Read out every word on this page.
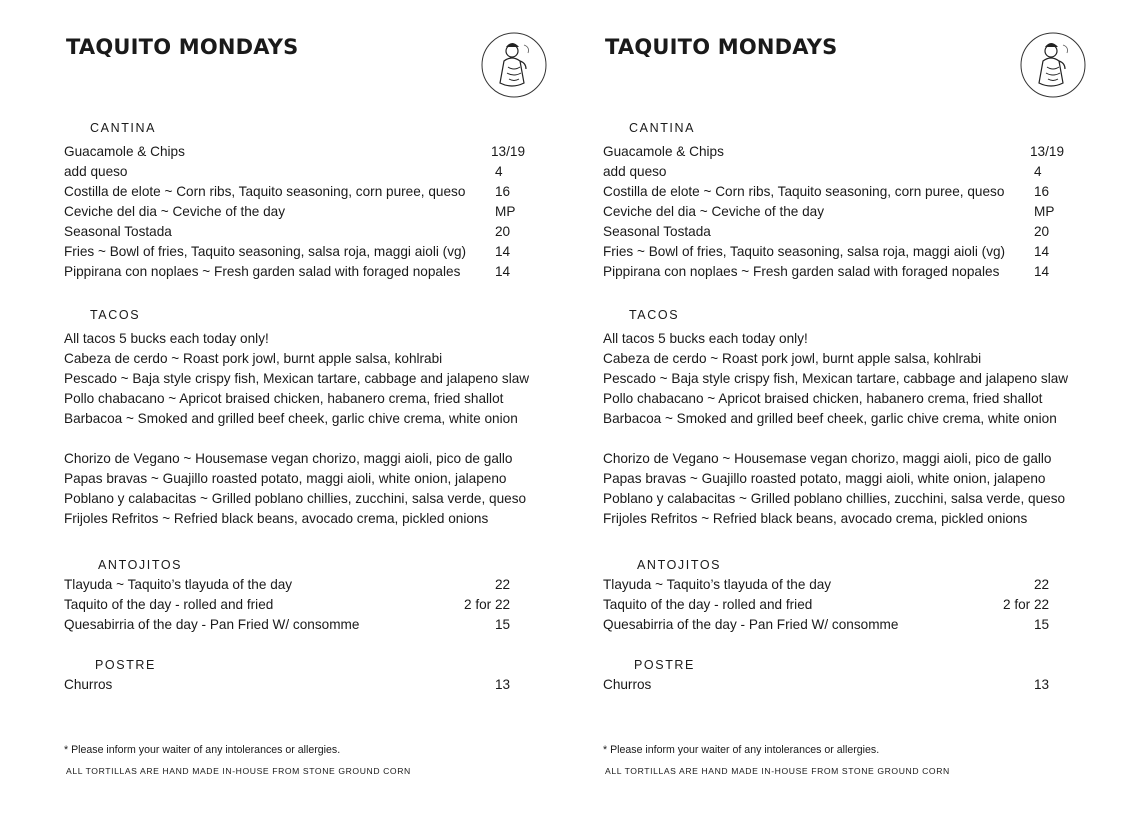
TAQUITO MONDAYS
CANTINA
Guacamole & Chips	13/19
add queso	4
Costilla de elote ~ Corn ribs, Taquito seasoning, corn puree, queso 16
Ceviche del dia ~ Ceviche of the day	MP
Seasonal Tostada	20
Fries ~ Bowl of fries, Taquito seasoning, salsa roja, maggi aioli (vg) 14
Pippirana con noplaes ~ Fresh garden salad with foraged nopales	14
TACOS
All tacos 5 bucks each today only!
Cabeza de cerdo ~ Roast pork jowl, burnt apple salsa, kohlrabi
Pescado ~ Baja style crispy fish, Mexican tartare, cabbage and jalapeno slaw
Pollo chabacano ~ Apricot braised chicken, habanero crema, fried shallot
Barbacoa ~ Smoked and grilled beef cheek, garlic chive crema, white onion
Chorizo de Vegano ~ Housemase vegan chorizo, maggi aioli, pico de gallo
Papas bravas ~ Guajillo roasted potato, maggi aioli, white onion, jalapeno
Poblano y calabacitas ~ Grilled poblano chillies, zucchini, salsa verde, queso
Frijoles Refritos ~ Refried black beans, avocado crema, pickled onions
ANTOJITOS
Tlayuda ~ Taquito’s tlayuda of the day	22
Taquito of the day - rolled and fried	2 for 22
Quesabirria of the day - Pan Fried W/ consomme	15
POSTRE
Churros	13
* Please inform your waiter of any intolerances or allergies.
ALL TORTILLAS ARE HAND MADE IN-HOUSE FROM STONE GROUND CORN
TAQUITO MONDAYS
CANTINA
Guacamole & Chips	13/19
add queso	4
Costilla de elote ~ Corn ribs, Taquito seasoning, corn puree, queso 16
Ceviche del dia ~ Ceviche of the day	MP
Seasonal Tostada	20
Fries ~ Bowl of fries, Taquito seasoning, salsa roja, maggi aioli (vg) 14
Pippirana con noplaes ~ Fresh garden salad with foraged nopales	14
TACOS
All tacos 5 bucks each today only!
Cabeza de cerdo ~ Roast pork jowl, burnt apple salsa, kohlrabi
Pescado ~ Baja style crispy fish, Mexican tartare, cabbage and jalapeno slaw
Pollo chabacano ~ Apricot braised chicken, habanero crema, fried shallot
Barbacoa ~ Smoked and grilled beef cheek, garlic chive crema, white onion
Chorizo de Vegano ~ Housemase vegan chorizo, maggi aioli, pico de gallo
Papas bravas ~ Guajillo roasted potato, maggi aioli, white onion, jalapeno
Poblano y calabacitas ~ Grilled poblano chillies, zucchini, salsa verde, queso
Frijoles Refritos ~ Refried black beans, avocado crema, pickled onions
ANTOJITOS
Tlayuda ~ Taquito’s tlayuda of the day	22
Taquito of the day - rolled and fried	2 for 22
Quesabirria of the day - Pan Fried W/ consomme	15
POSTRE
Churros	13
* Please inform your waiter of any intolerances or allergies.
ALL TORTILLAS ARE HAND MADE IN-HOUSE FROM STONE GROUND CORN
